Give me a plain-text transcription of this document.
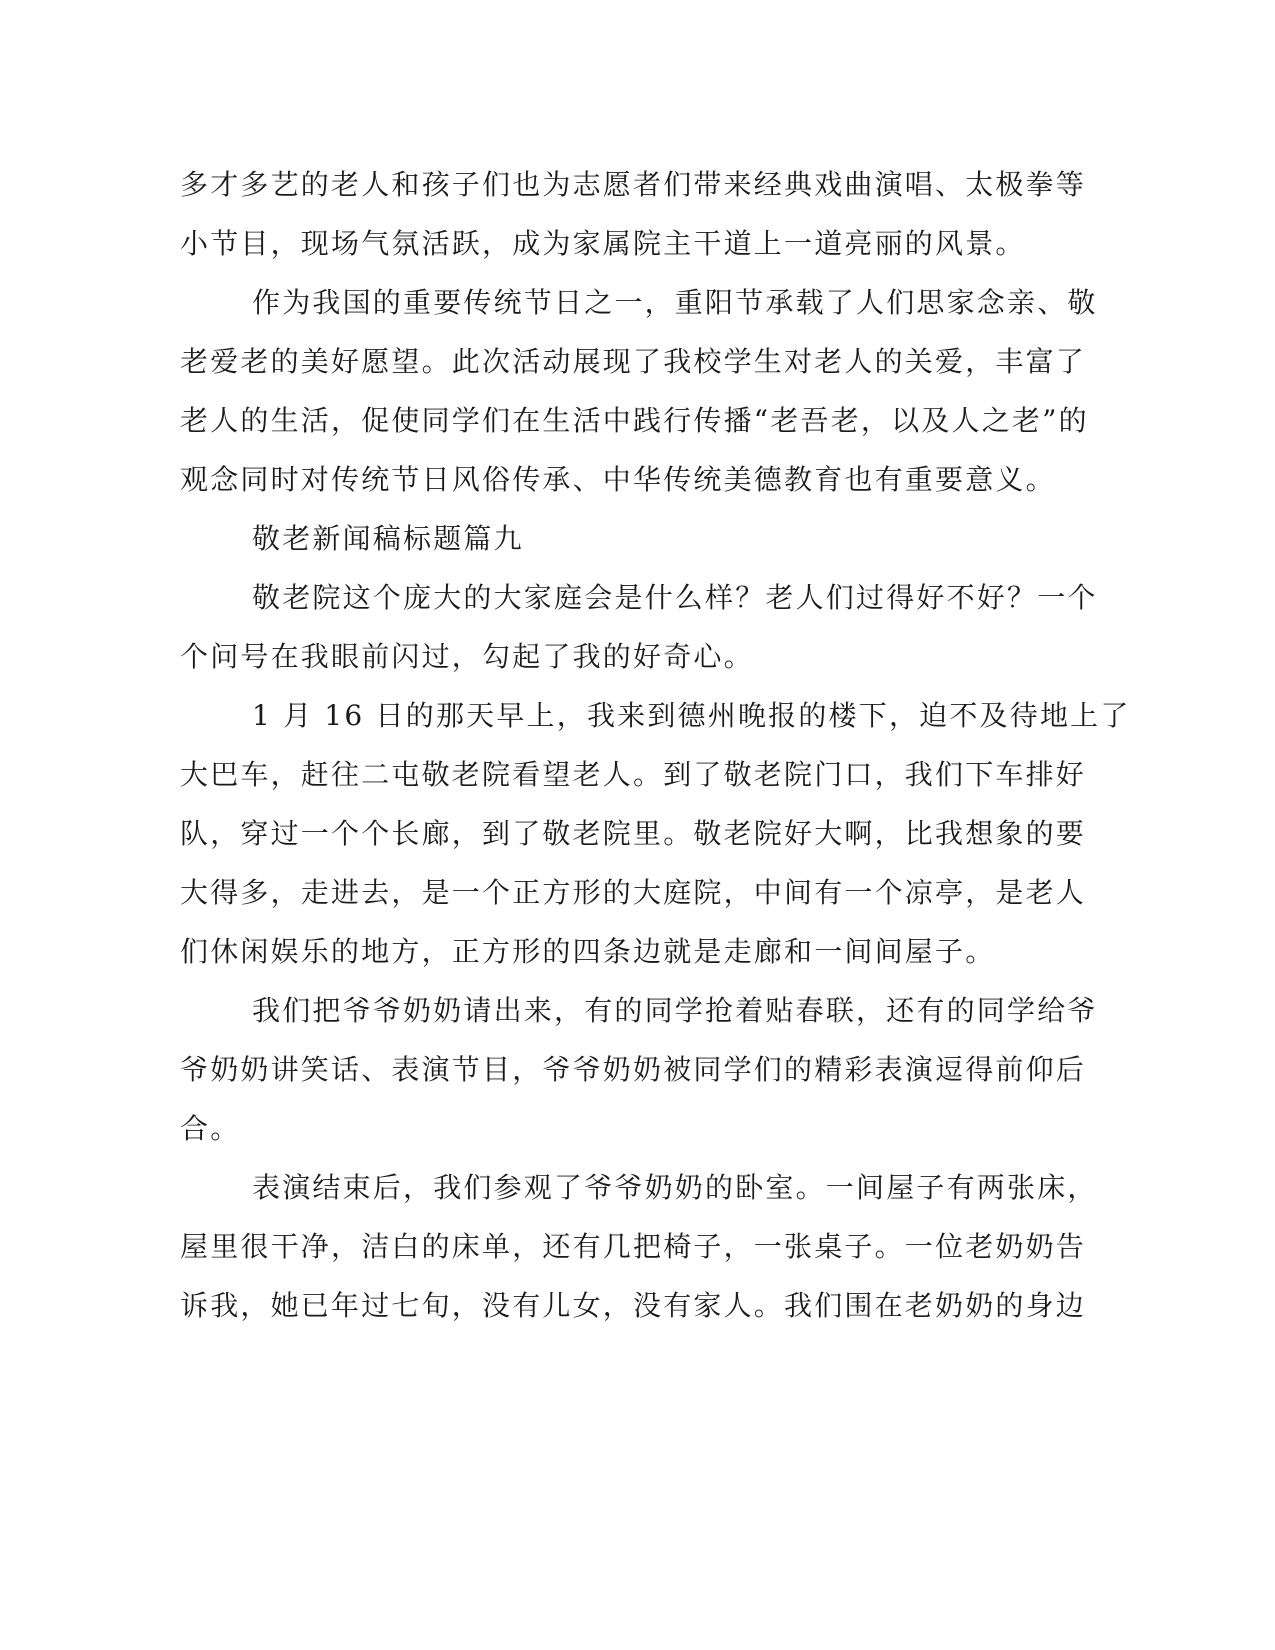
多才多艺的老人和孩子们也为志愿者们带来经典戏曲演唱、太极拳等
小节目，现场气氛活跃，成为家属院主干道上一道亮丽的风景。
作为我国的重要传统节日之一，重阳节承载了人们思家念亲、敬
老爱老的美好愿望。此次活动展现了我校学生对老人的关爱，丰富了
老人的生活，促使同学们在生活中践行传播“老吾老，以及人之老”的
观念同时对传统节日风俗传承、中华传统美德教育也有重要意义。
敬老新闻稿标题篇九
敬老院这个庞大的大家庭会是什么样？老人们过得好不好？一个
个问号在我眼前闪过，勾起了我的好奇心。
1 月 16 日的那天早上，我来到德州晚报的楼下，迫不及待地上了
大巴车，赶往二屯敬老院看望老人。到了敬老院门口，我们下车排好
队，穿过一个个长廊，到了敬老院里。敬老院好大啊，比我想象的要
大得多，走进去，是一个正方形的大庭院，中间有一个凉亭，是老人
们休闲娱乐的地方，正方形的四条边就是走廊和一间间屋子。
我们把爷爷奶奶请出来，有的同学抢着贴春联，还有的同学给爷
爷奶奶讲笑话、表演节目，爷爷奶奶被同学们的精彩表演逗得前仰后
合。
表演结束后，我们参观了爷爷奶奶的卧室。一间屋子有两张床，
屋里很干净，洁白的床单，还有几把椅子，一张桌子。一位老奶奶告
诉我，她已年过七旬，没有儿女，没有家人。我们围在老奶奶的身边
